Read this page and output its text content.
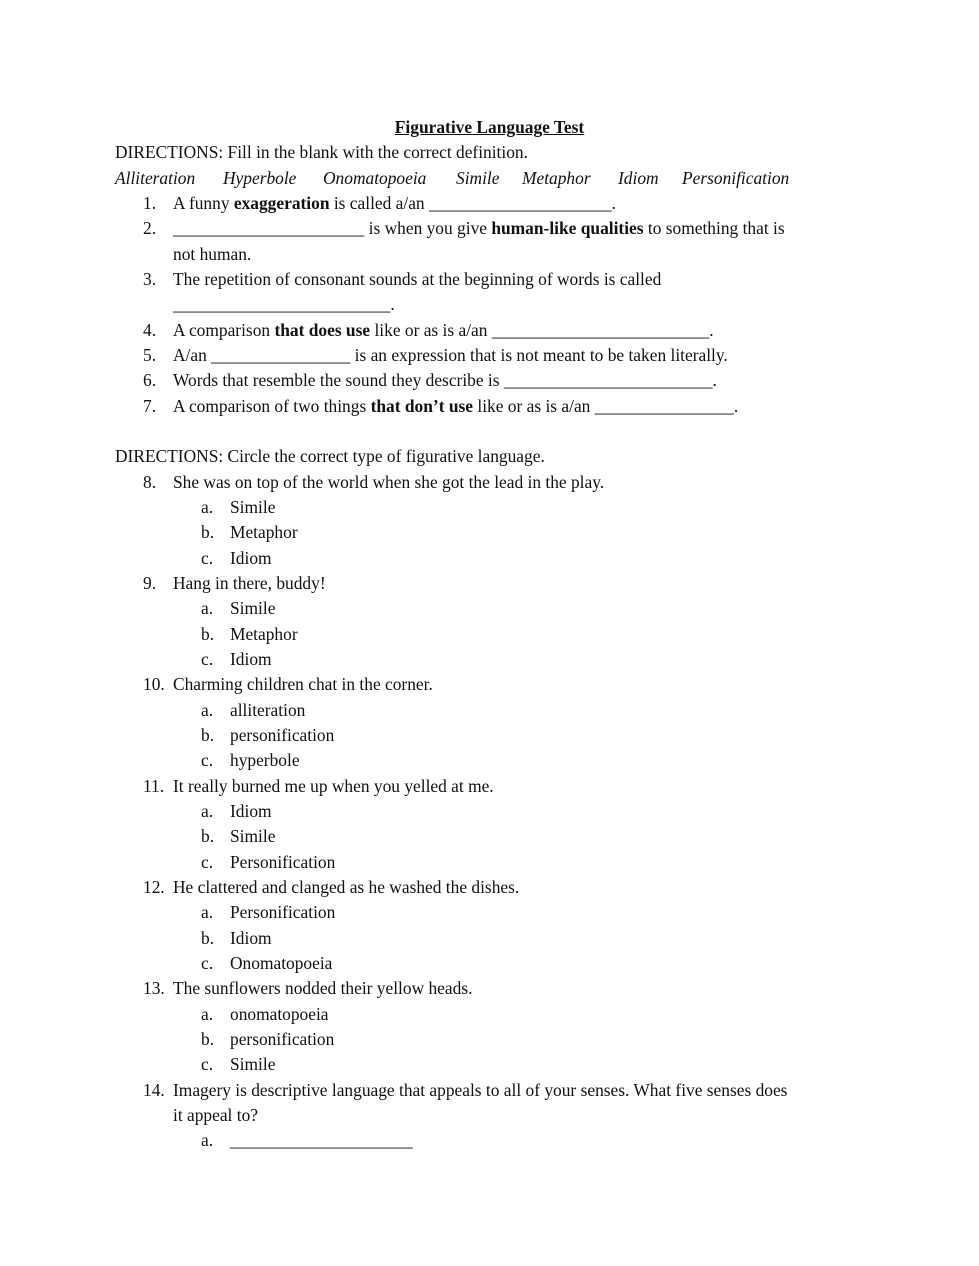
Figurative Language Test
DIRECTIONS: Fill in the blank with the correct definition.
Alliteration Hyperbole Onomatopoeia Simile Metaphor Idiom Personification
1. A funny exaggeration is called a/an _____________________.
2. ______________________ is when you give human-like qualities to something that is
not human.
3. The repetition of consonant sounds at the beginning of words is called
_________________________.
4. A comparison that does use like or as is a/an _________________________.
5. A/an ________________ is an expression that is not meant to be taken literally.
6. Words that resemble the sound they describe is ________________________.
7. A comparison of two things that don’t use like or as is a/an ________________.
DIRECTIONS: Circle the correct type of figurative language.
8. She was on top of the world when she got the lead in the play.
a. Simile
b. Metaphor
c. Idiom
9. Hang in there, buddy!
a. Simile
b. Metaphor
c. Idiom
10. Charming children chat in the corner.
a. alliteration
b. personification
c. hyperbole
11. It really burned me up when you yelled at me.
a. Idiom
b. Simile
c. Personification
12. He clattered and clanged as he washed the dishes.
a. Personification
b. Idiom
c. Onomatopoeia
13. The sunflowers nodded their yellow heads.
a. onomatopoeia
b. personification
c. Simile
14. Imagery is descriptive language that appeals to all of your senses. What five senses does
it appeal to?
a. _____________________
